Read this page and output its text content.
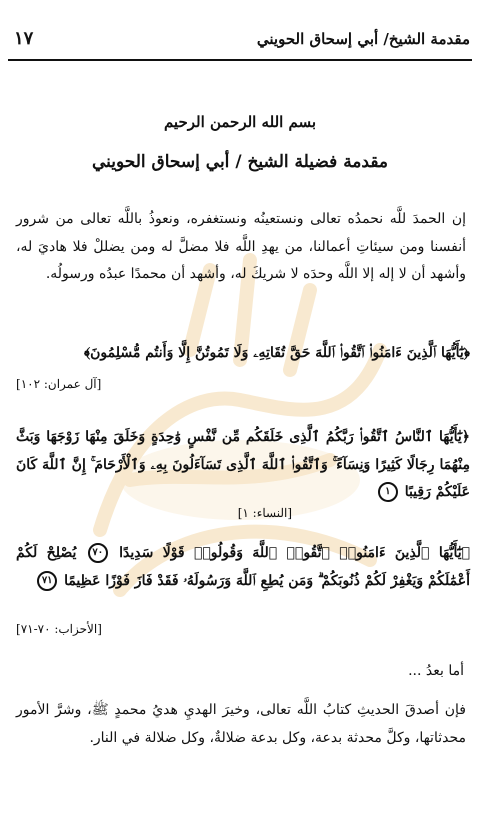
مقدمة الشيخ/ أبي إسحاق الحويني
١٧
بسم الله الرحمن الرحيم
مقدمة فضيلة الشيخ / أبي إسحاق الحويني
إن الحمدَ للَّه نحمدُه تعالى ونستعينُه ونستغفره، ونعوذُ باللَّه تعالى من شرور أنفسنا ومن سيئاتِ أعمالنا، من يهدِ اللَّه فلا مضلَّ له ومن يضللْ فلا هاديَ له، وأشهد أن لا إله إلا اللَّه وحدَه لا شريكَ له، وأشهد أن محمدًا عبدُه ورسولُه.
﴿يَٰٓأَيُّهَا ٱلَّذِينَ ءَامَنُوا۟ ٱتَّقُوا۟ ٱللَّهَ حَقَّ تُقَاتِهِۦ وَلَا تَمُوتُنَّ إِلَّا وَأَنتُم مُّسْلِمُونَ﴾
[آل عمران: ١٠٢]
﴿يَٰٓأَيُّهَا ٱلنَّاسُ ٱتَّقُوا۟ رَبَّكُمُ ٱلَّذِى خَلَقَكُم مِّن نَّفْسٍ وَٰحِدَةٍ وَخَلَقَ مِنْهَا زَوْجَهَا وَبَثَّ مِنْهُمَا رِجَالًا كَثِيرًا وَنِسَآءً ۚ وَٱتَّقُوا۟ ٱللَّهَ ٱلَّذِى تَسَآءَلُونَ بِهِۦ وَٱلْأَرْحَامَ ۚ إِنَّ ٱللَّهَ كَانَ عَلَيْكُمْ رَقِيبًا ١
[النساء: ١]
﴿يَٰٓأَيُّهَا ٱلَّذِينَ ءَامَنُوا۟ ٱتَّقُوا۟ ٱللَّهَ وَقُولُوا۟ قَوْلًا سَدِيدًا ٧٠ يُصْلِحْ لَكُمْ أَعْمَٰلَكُمْ وَيَغْفِرْ لَكُمْ ذُنُوبَكُمْ ۗ وَمَن يُطِعِ ٱللَّهَ وَرَسُولَهُۥ فَقَدْ فَازَ فَوْزًا عَظِيمًا ٧١
[الأحزاب: ٧٠-٧١]
أما بعدُ ...
فإن أصدقَ الحديثِ كتابُ اللَّه تعالى، وخيرَ الهديِ هديُ محمدٍ ﷺ، وشرَّ الأمور محدثاتها، وكلَّ محدثة بدعة، وكل بدعة ضلالةٌ، وكل ضلالة في النار.
